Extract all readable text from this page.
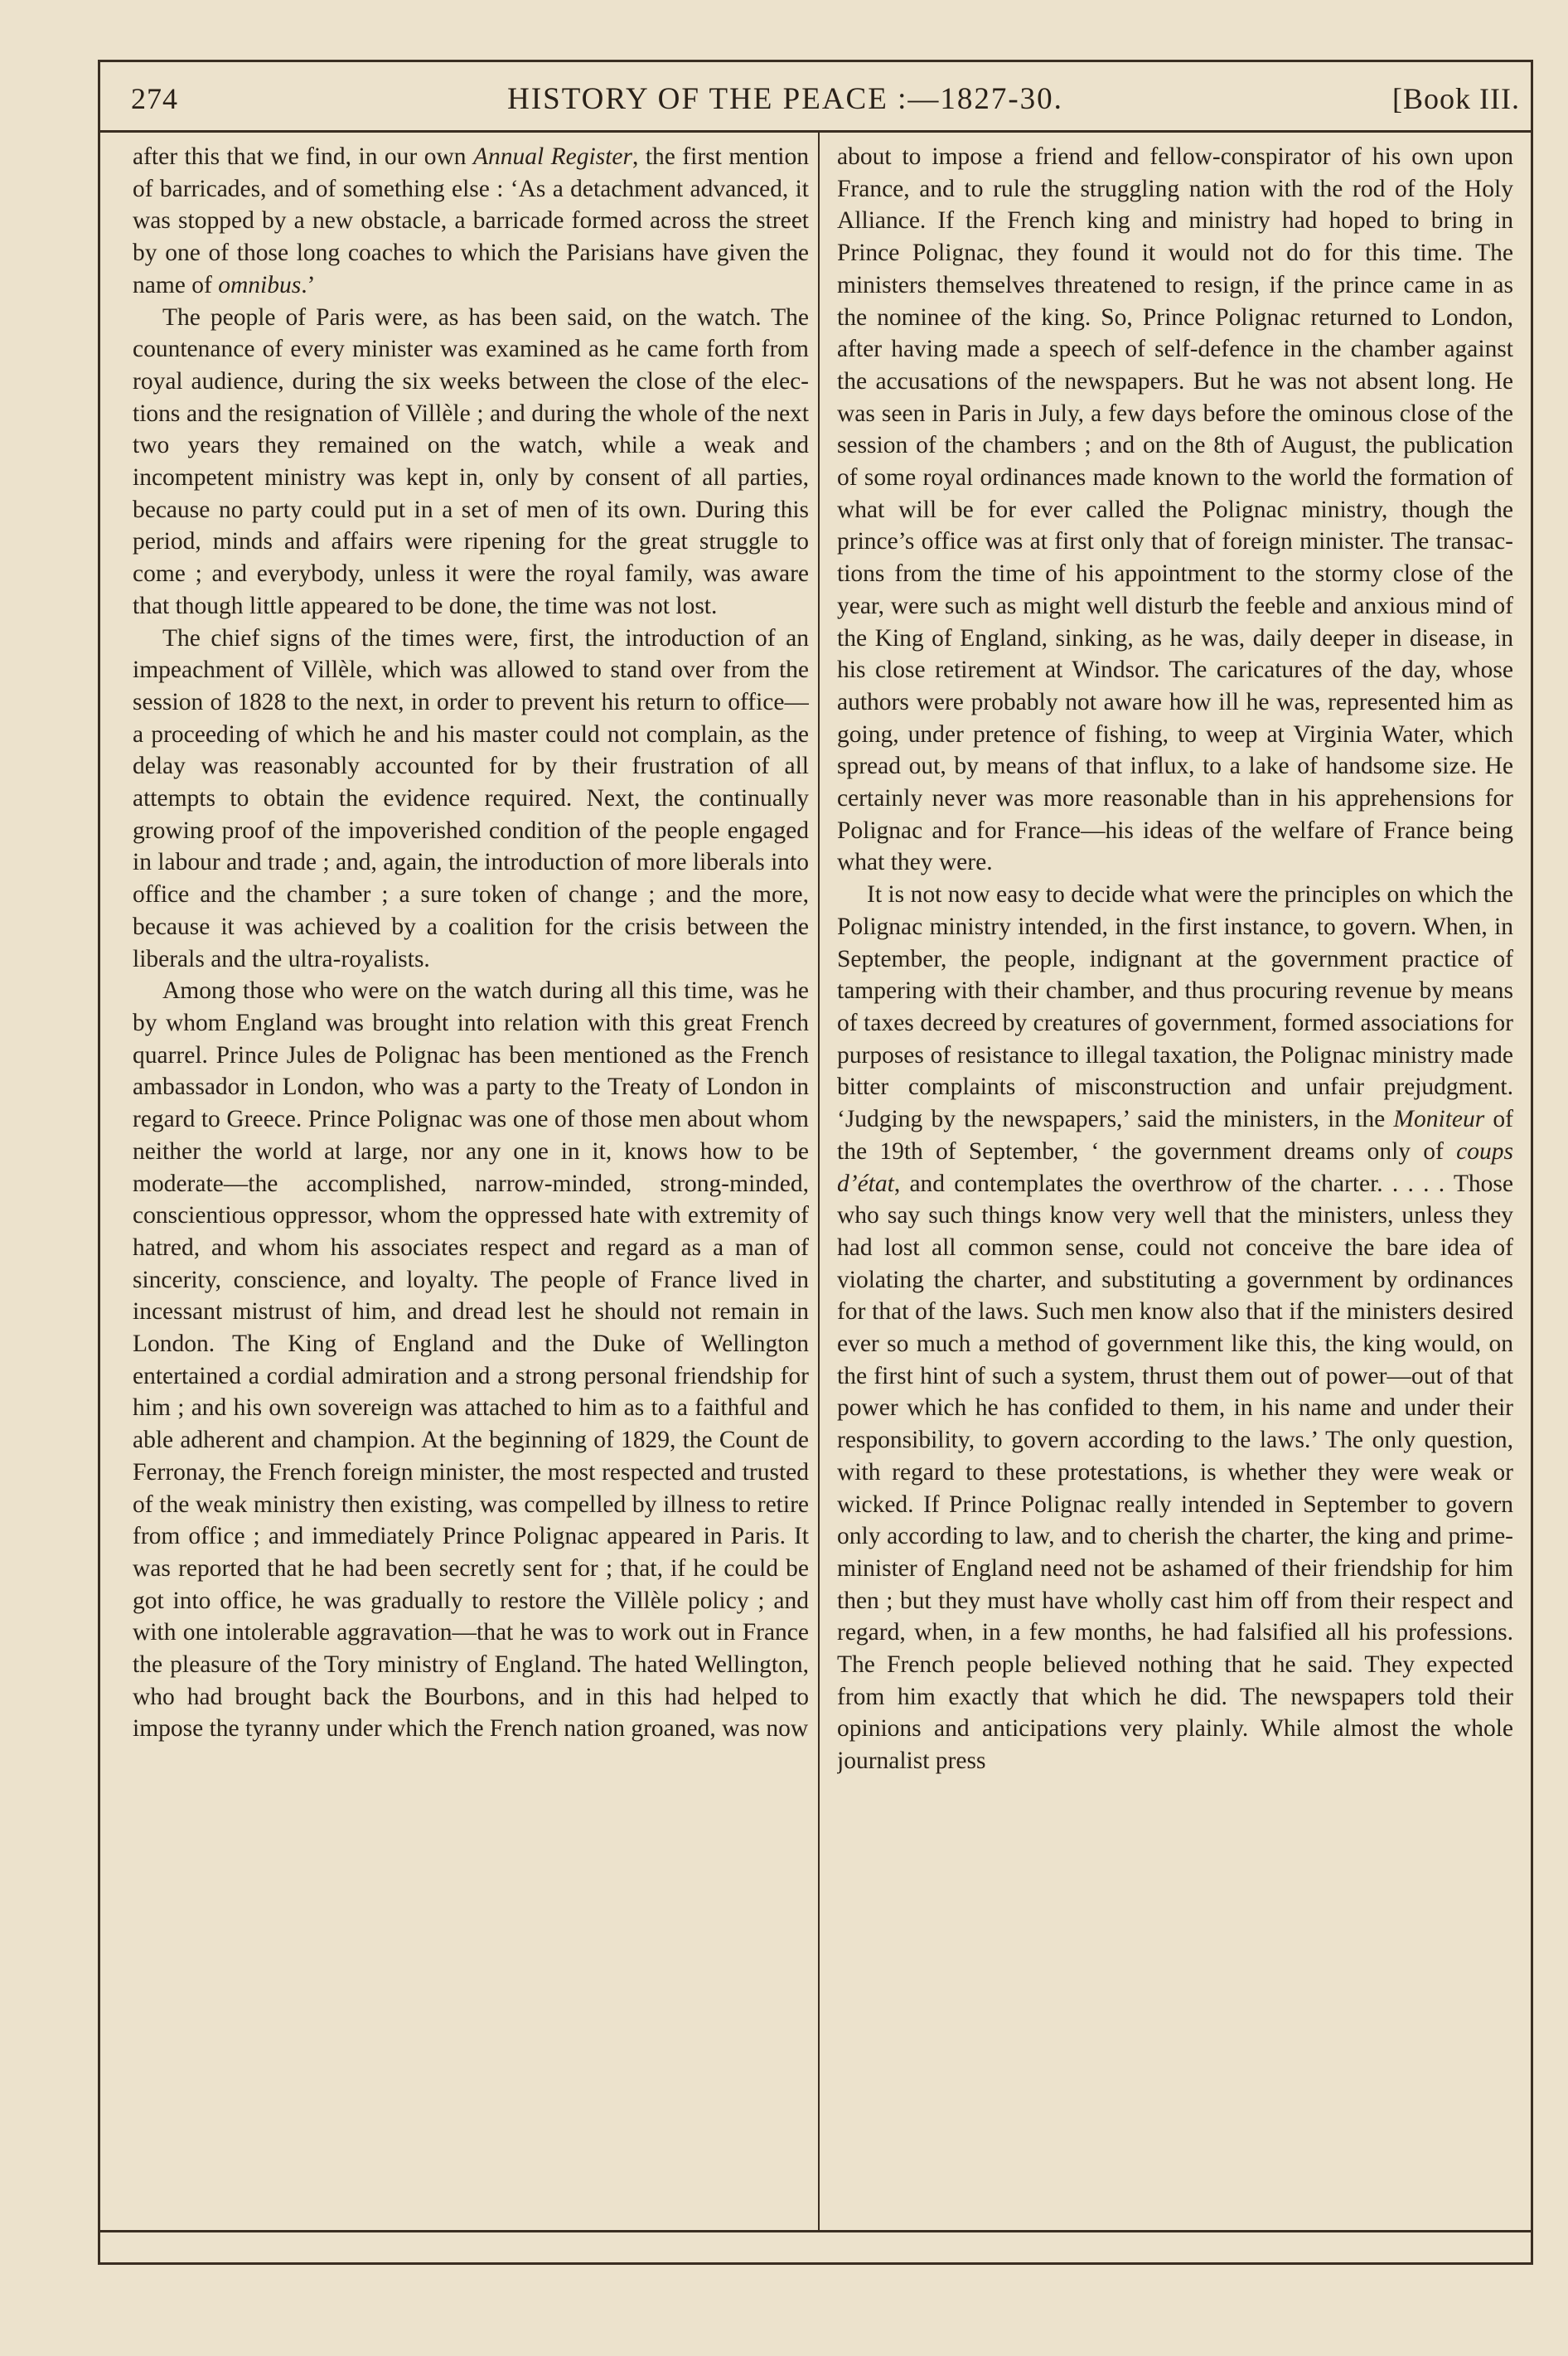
274	HISTORY OF THE PEACE :—1827-30.	[Book III.

after this that we find, in our own Annual Register, the first mention of barricades, and of something else : ‘As a detachment advanced, it was stopped by a new obstacle, a barricade formed across the street by one of those long coaches to which the Parisians have given the name of omnibus.’

The people of Paris were, as has been said, on the watch. The countenance of every minister was examined as he came forth from royal audience, during the six weeks between the close of the elections and the resignation of Villèle ; and during the whole of the next two years they remained on the watch, while a weak and incompetent ministry was kept in, only by consent of all parties, because no party could put in a set of men of its own. During this period, minds and affairs were ripening for the great struggle to come ; and everybody, unless it were the royal family, was aware that though little appeared to be done, the time was not lost.

The chief signs of the times were, first, the introduction of an impeachment of Villèle, which was allowed to stand over from the session of 1828 to the next, in order to prevent his return to office—a proceeding of which he and his master could not complain, as the delay was reasonably accounted for by their frustration of all attempts to obtain the evidence required. Next, the continually growing proof of the impoverished condition of the people engaged in labour and trade ; and, again, the introduction of more liberals into office and the chamber ; a sure token of change ; and the more, because it was achieved by a coalition for the crisis between the liberals and the ultra-royalists.

Among those who were on the watch during all this time, was he by whom England was brought into relation with this great French quarrel. Prince Jules de Polignac has been mentioned as the French ambassador in London, who was a party to the Treaty of London in regard to Greece. Prince Polignac was one of those men about whom neither the world at large, nor any one in it, knows how to be moderate—the accomplished, narrow-minded, strong-minded, conscientious oppressor, whom the oppressed hate with extremity of hatred, and whom his associates respect and regard as a man of sincerity, conscience, and loyalty. The people of France lived in incessant mistrust of him, and dread lest he should not remain in London. The King of England and the Duke of Wellington entertained a cordial admiration and a strong personal friendship for him ; and his own sovereign was attached to him as to a faithful and able adherent and champion. At the beginning of 1829, the Count de Ferronay, the French foreign minister, the most respected and trusted of the weak ministry then existing, was compelled by illness to retire from office ; and immediately Prince Polignac appeared in Paris. It was reported that he had been secretly sent for ; that, if he could be got into office, he was gradually to restore the Villèle policy ; and with one intolerable aggravation—that he was to work out in France the pleasure of the Tory ministry of England. The hated Wellington, who had brought back the Bourbons, and in this had helped to impose the tyranny under which the French nation groaned, was now

about to impose a friend and fellow-conspirator of his own upon France, and to rule the struggling nation with the rod of the Holy Alliance. If the French king and ministry had hoped to bring in Prince Polignac, they found it would not do for this time. The ministers themselves threatened to resign, if the prince came in as the nominee of the king. So, Prince Polignac returned to London, after having made a speech of self-defence in the chamber against the accusations of the newspapers. But he was not absent long. He was seen in Paris in July, a few days before the ominous close of the session of the chambers ; and on the 8th of August, the publication of some royal ordinances made known to the world the formation of what will be for ever called the Polignac ministry, though the prince’s office was at first only that of foreign minister. The transactions from the time of his appointment to the stormy close of the year, were such as might well disturb the feeble and anxious mind of the King of England, sinking, as he was, daily deeper in disease, in his close retirement at Windsor. The caricatures of the day, whose authors were probably not aware how ill he was, represented him as going, under pretence of fishing, to weep at Virginia Water, which spread out, by means of that influx, to a lake of handsome size. He certainly never was more reasonable than in his apprehensions for Polignac and for France—his ideas of the welfare of France being what they were.

It is not now easy to decide what were the principles on which the Polignac ministry intended, in the first instance, to govern. When, in September, the people, indignant at the government practice of tampering with their chamber, and thus procuring revenue by means of taxes decreed by creatures of government, formed associations for purposes of resistance to illegal taxation, the Polignac ministry made bitter complaints of misconstruction and unfair prejudgment. ‘Judging by the newspapers,’ said the ministers, in the Moniteur of the 19th of September, ‘ the government dreams only of coups d’état, and contemplates the overthrow of the charter. . . . . Those who say such things know very well that the ministers, unless they had lost all common sense, could not conceive the bare idea of violating the charter, and substituting a government by ordinances for that of the laws. Such men know also that if the ministers desired ever so much a method of government like this, the king would, on the first hint of such a system, thrust them out of power—out of that power which he has confided to them, in his name and under their responsibility, to govern according to the laws.’ The only question, with regard to these protestations, is whether they were weak or wicked. If Prince Polignac really intended in September to govern only according to law, and to cherish the charter, the king and prime-minister of England need not be ashamed of their friendship for him then ; but they must have wholly cast him off from their respect and regard, when, in a few months, he had falsified all his professions. The French people believed nothing that he said. They expected from him exactly that which he did. The newspapers told their opinions and anticipations very plainly. While almost the whole journalist press
